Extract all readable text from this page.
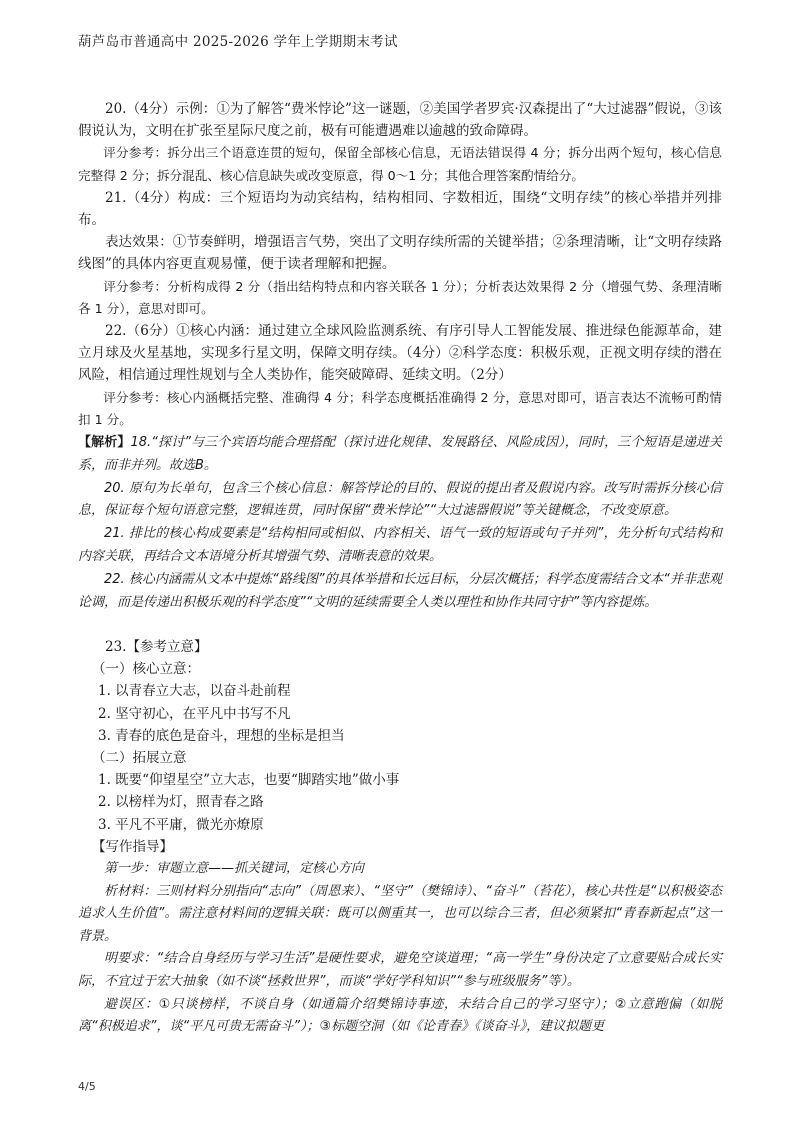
葫芦岛市普通高中 2025-2026 学年上学期期末考试

20.（4分）示例：①为了解答“费米悖论”这一谜题，②美国学者罗宾·汉森提出了“大过滤器”假说，③该假说认为，文明在扩张至星际尺度之前，极有可能遭遇难以逾越的致命障碍。

评分参考：拆分出三个语意连贯的短句，保留全部核心信息，无语法错误得 4 分；拆分出两个短句，核心信息完整得 2 分；拆分混乱、核心信息缺失或改变原意，得 0～1 分；其他合理答案酌情给分。

21.（4分）构成：三个短语均为动宾结构，结构相同、字数相近，围绕“文明存续”的核心举措并列排布。

表达效果：①节奏鲜明，增强语言气势，突出了文明存续所需的关键举措；②条理清晰，让“文明存续路线图”的具体内容更直观易懂，便于读者理解和把握。

评分参考：分析构成得 2 分（指出结构特点和内容关联各 1 分）；分析表达效果得 2 分（增强气势、条理清晰各 1 分），意思对即可。

22.（6分）①核心内涵：通过建立全球风险监测系统、有序引导人工智能发展、推进绿色能源革命，建立月球及火星基地，实现多行星文明，保障文明存续。（4分）②科学态度：积极乐观，正视文明存续的潜在风险，相信通过理性规划与全人类协作，能突破障碍、延续文明。（2分）

评分参考：核心内涵概括完整、准确得 4 分；科学态度概括准确得 2 分，意思对即可，语言表达不流畅可酌情扣 1 分。

【解析】18.“探讨”与三个宾语均能合理搭配（探讨进化规律、发展路径、风险成因），同时，三个短语是递进关系，而非并列。故选B。

20. 原句为长单句，包含三个核心信息：解答悖论的目的、假说的提出者及假说内容。改写时需拆分核心信息，保证每个短句语意完整，逻辑连贯，同时保留“费米悖论”“大过滤器假说”等关键概念，不改变原意。

21. 排比的核心构成要素是“结构相同或相似、内容相关、语气一致的短语或句子并列”，先分析句式结构和内容关联，再结合文本语境分析其增强气势、清晰表意的效果。

22. 核心内涵需从文本中提炼“路线图”的具体举措和长远目标，分层次概括；科学态度需结合文本“并非悲观论调，而是传递出积极乐观的科学态度”“文明的延续需要全人类以理性和协作共同守护”等内容提炼。

23.【参考立意】

（一）核心立意：

1. 以青春立大志，以奋斗赴前程

2. 坚守初心，在平凡中书写不凡

3. 青春的底色是奋斗，理想的坐标是担当

（二）拓展立意

1. 既要“仰望星空”立大志，也要“脚踏实地”做小事

2. 以榜样为灯，照青春之路

3. 平凡不平庸，微光亦燎原

【写作指导】

第一步：审题立意——抓关键词，定核心方向

析材料：三则材料分别指向“志向”（周恩来）、“坚守”（樊锦诗）、“奋斗”（苔花），核心共性是“以积极姿态追求人生价值”。需注意材料间的逻辑关联：既可以侧重其一，也可以综合三者，但必须紧扣“青春新起点”这一背景。

明要求：“结合自身经历与学习生活”是硬性要求，避免空谈道理；“高一学生”身份决定了立意要贴合成长实际，不宜过于宏大抽象（如不谈“拯救世界”，而谈“学好学科知识”“参与班级服务”等）。

避误区：①只谈榜样，不谈自身（如通篇介绍樊锦诗事迹，未结合自己的学习坚守）；②立意跑偏（如脱离“积极追求”，谈“平凡可贵无需奋斗”）；③标题空洞（如《论青春》《谈奋斗》，建议拟题更

4/5
